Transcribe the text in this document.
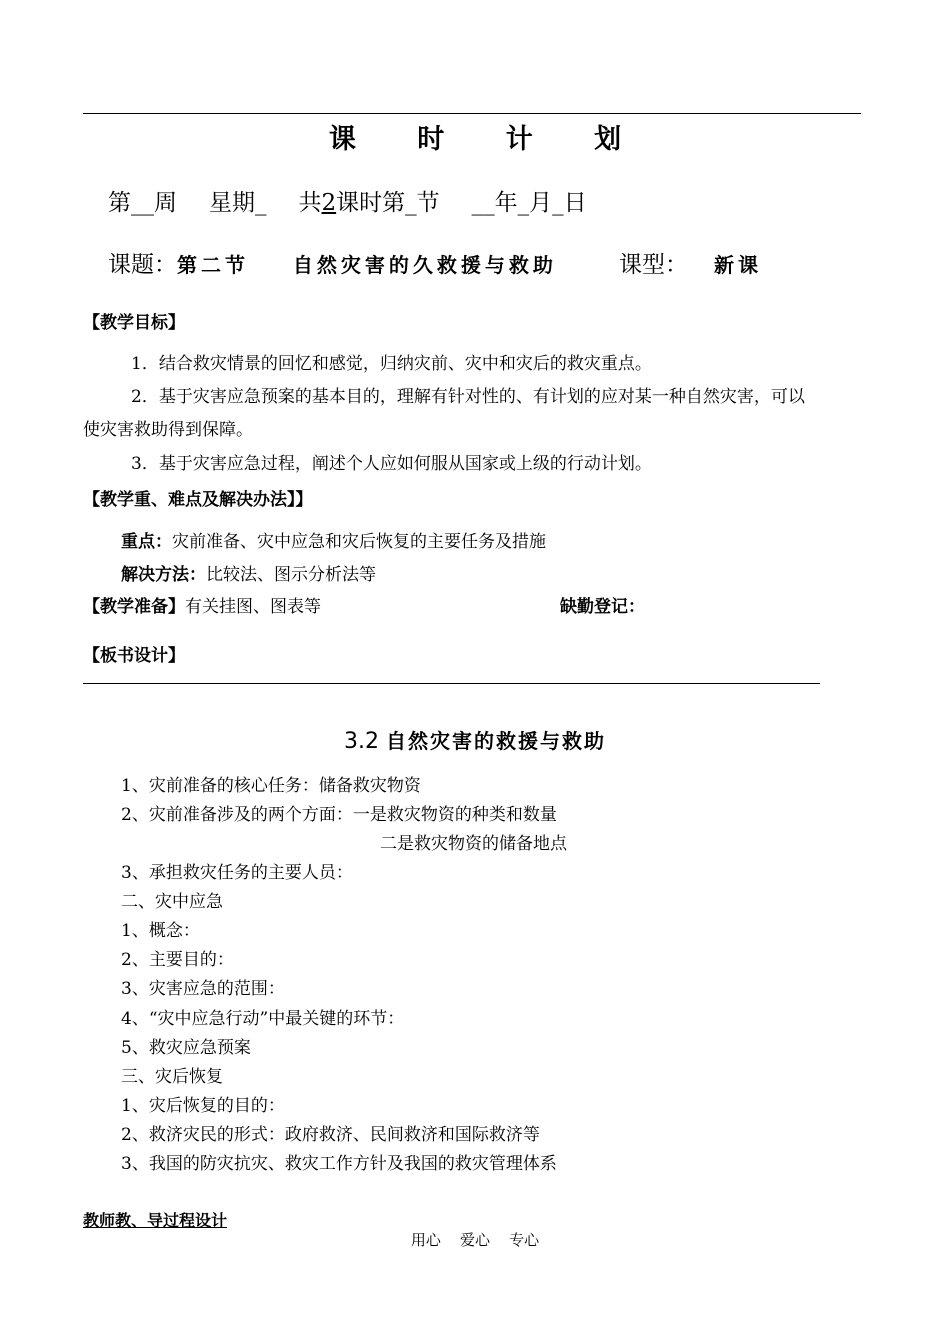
课 时 计 划
第__周 星期_ 共2课时第_节 __年_月_日
课题：第二节    自然灾害的久救援与救助	课型： 新课
【教学目标】
1．结合救灾情景的回忆和感觉，归纳灾前、灾中和灾后的救灾重点。
2．基于灾害应急预案的基本目的，理解有针对性的、有计划的应对某一种自然灾害，可以
使灾害救助得到保障。
3．基于灾害应急过程，阐述个人应如何服从国家或上级的行动计划。
【教学重、难点及解决办法】】
重点：灾前准备、灾中应急和灾后恢复的主要任务及措施
解决方法：比较法、图示分析法等
【教学准备】有关挂图、图表等	缺勤登记：
【板书设计】
3.2 自然灾害的救援与救助
1、灾前准备的核心任务：储备救灾物资
2、灾前准备涉及的两个方面：一是救灾物资的种类和数量
二是救灾物资的储备地点
3、承担救灾任务的主要人员：
二、灾中应急
1、概念：
2、主要目的：
3、灾害应急的范围：
4、“灾中应急行动”中最关键的环节：
5、救灾应急预案
三、灾后恢复
1、灾后恢复的目的：
2、救济灾民的形式：政府救济、民间救济和国际救济等
3、我国的防灾抗灾、救灾工作方针及我国的救灾管理体系
教师教、导过程设计
用心    爱心    专心
